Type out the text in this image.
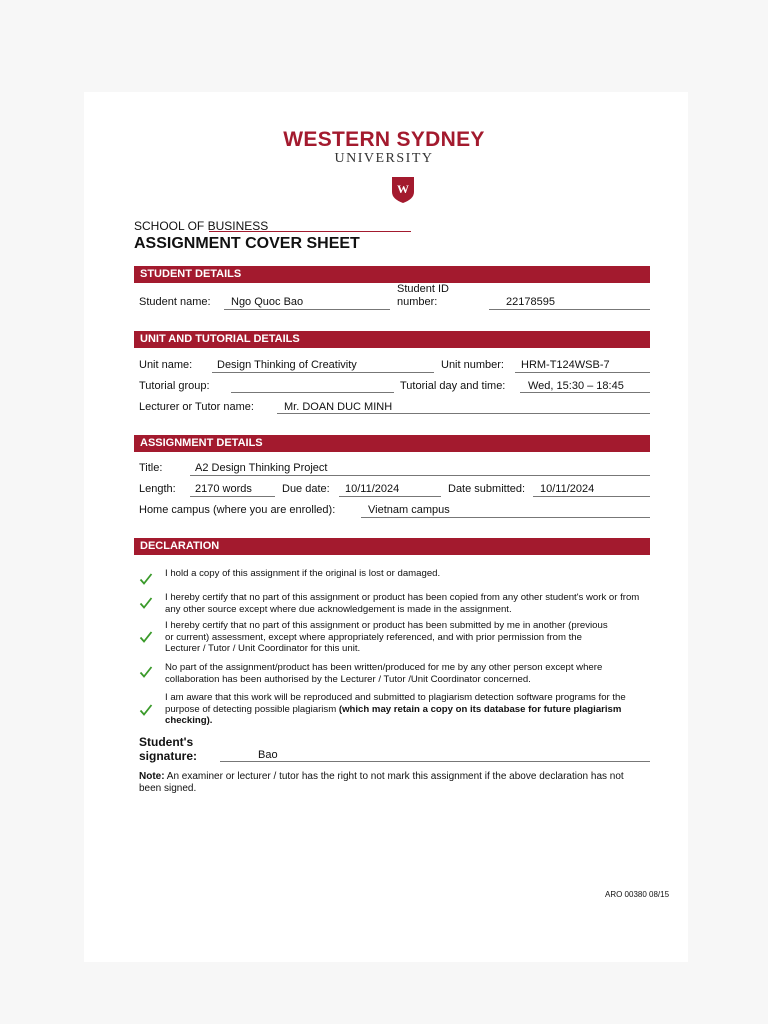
WESTERN SYDNEY
UNIVERSITY
W
SCHOOL OF BUSINESS
ASSIGNMENT COVER SHEET
STUDENT DETAILS
Student name: Ngo Quoc Bao
Student ID
number:	22178595
UNIT AND TUTORIAL DETAILS
Unit name: Design Thinking of Creativity	Unit number: HRM-T124WSB-7
Tutorial group:	Tutorial day and time: Wed, 15:30 – 18:45
Lecturer or Tutor name:	Mr. DOAN DUC MINH
ASSIGNMENT DETAILS
Title:	A2 Design Thinking Project
Length: 2170 words	Due date: 10/11/2024	Date submitted: 10/11/2024
Home campus (where you are enrolled):	Vietnam campus
DECLARATION
I hold a copy of this assignment if the original is lost or damaged.
I hereby certify that no part of this assignment or product has been copied from any other student's work or from any other source except where due acknowledgement is made in the assignment.
I hereby certify that no part of this assignment or product has been submitted by me in another (previous or current) assessment, except where appropriately referenced, and with prior permission from the Lecturer / Tutor / Unit Coordinator for this unit.
No part of the assignment/product has been written/produced for me by any other person except where collaboration has been authorised by the Lecturer / Tutor /Unit Coordinator concerned.
I am aware that this work will be reproduced and submitted to plagiarism detection software programs for the purpose of detecting possible plagiarism (which may retain a copy on its database for future plagiarism checking).
Student's
signature:	Bao
Note: An examiner or lecturer / tutor has the right to not mark this assignment if the above declaration has not been signed.
ARO 00380 08/15
